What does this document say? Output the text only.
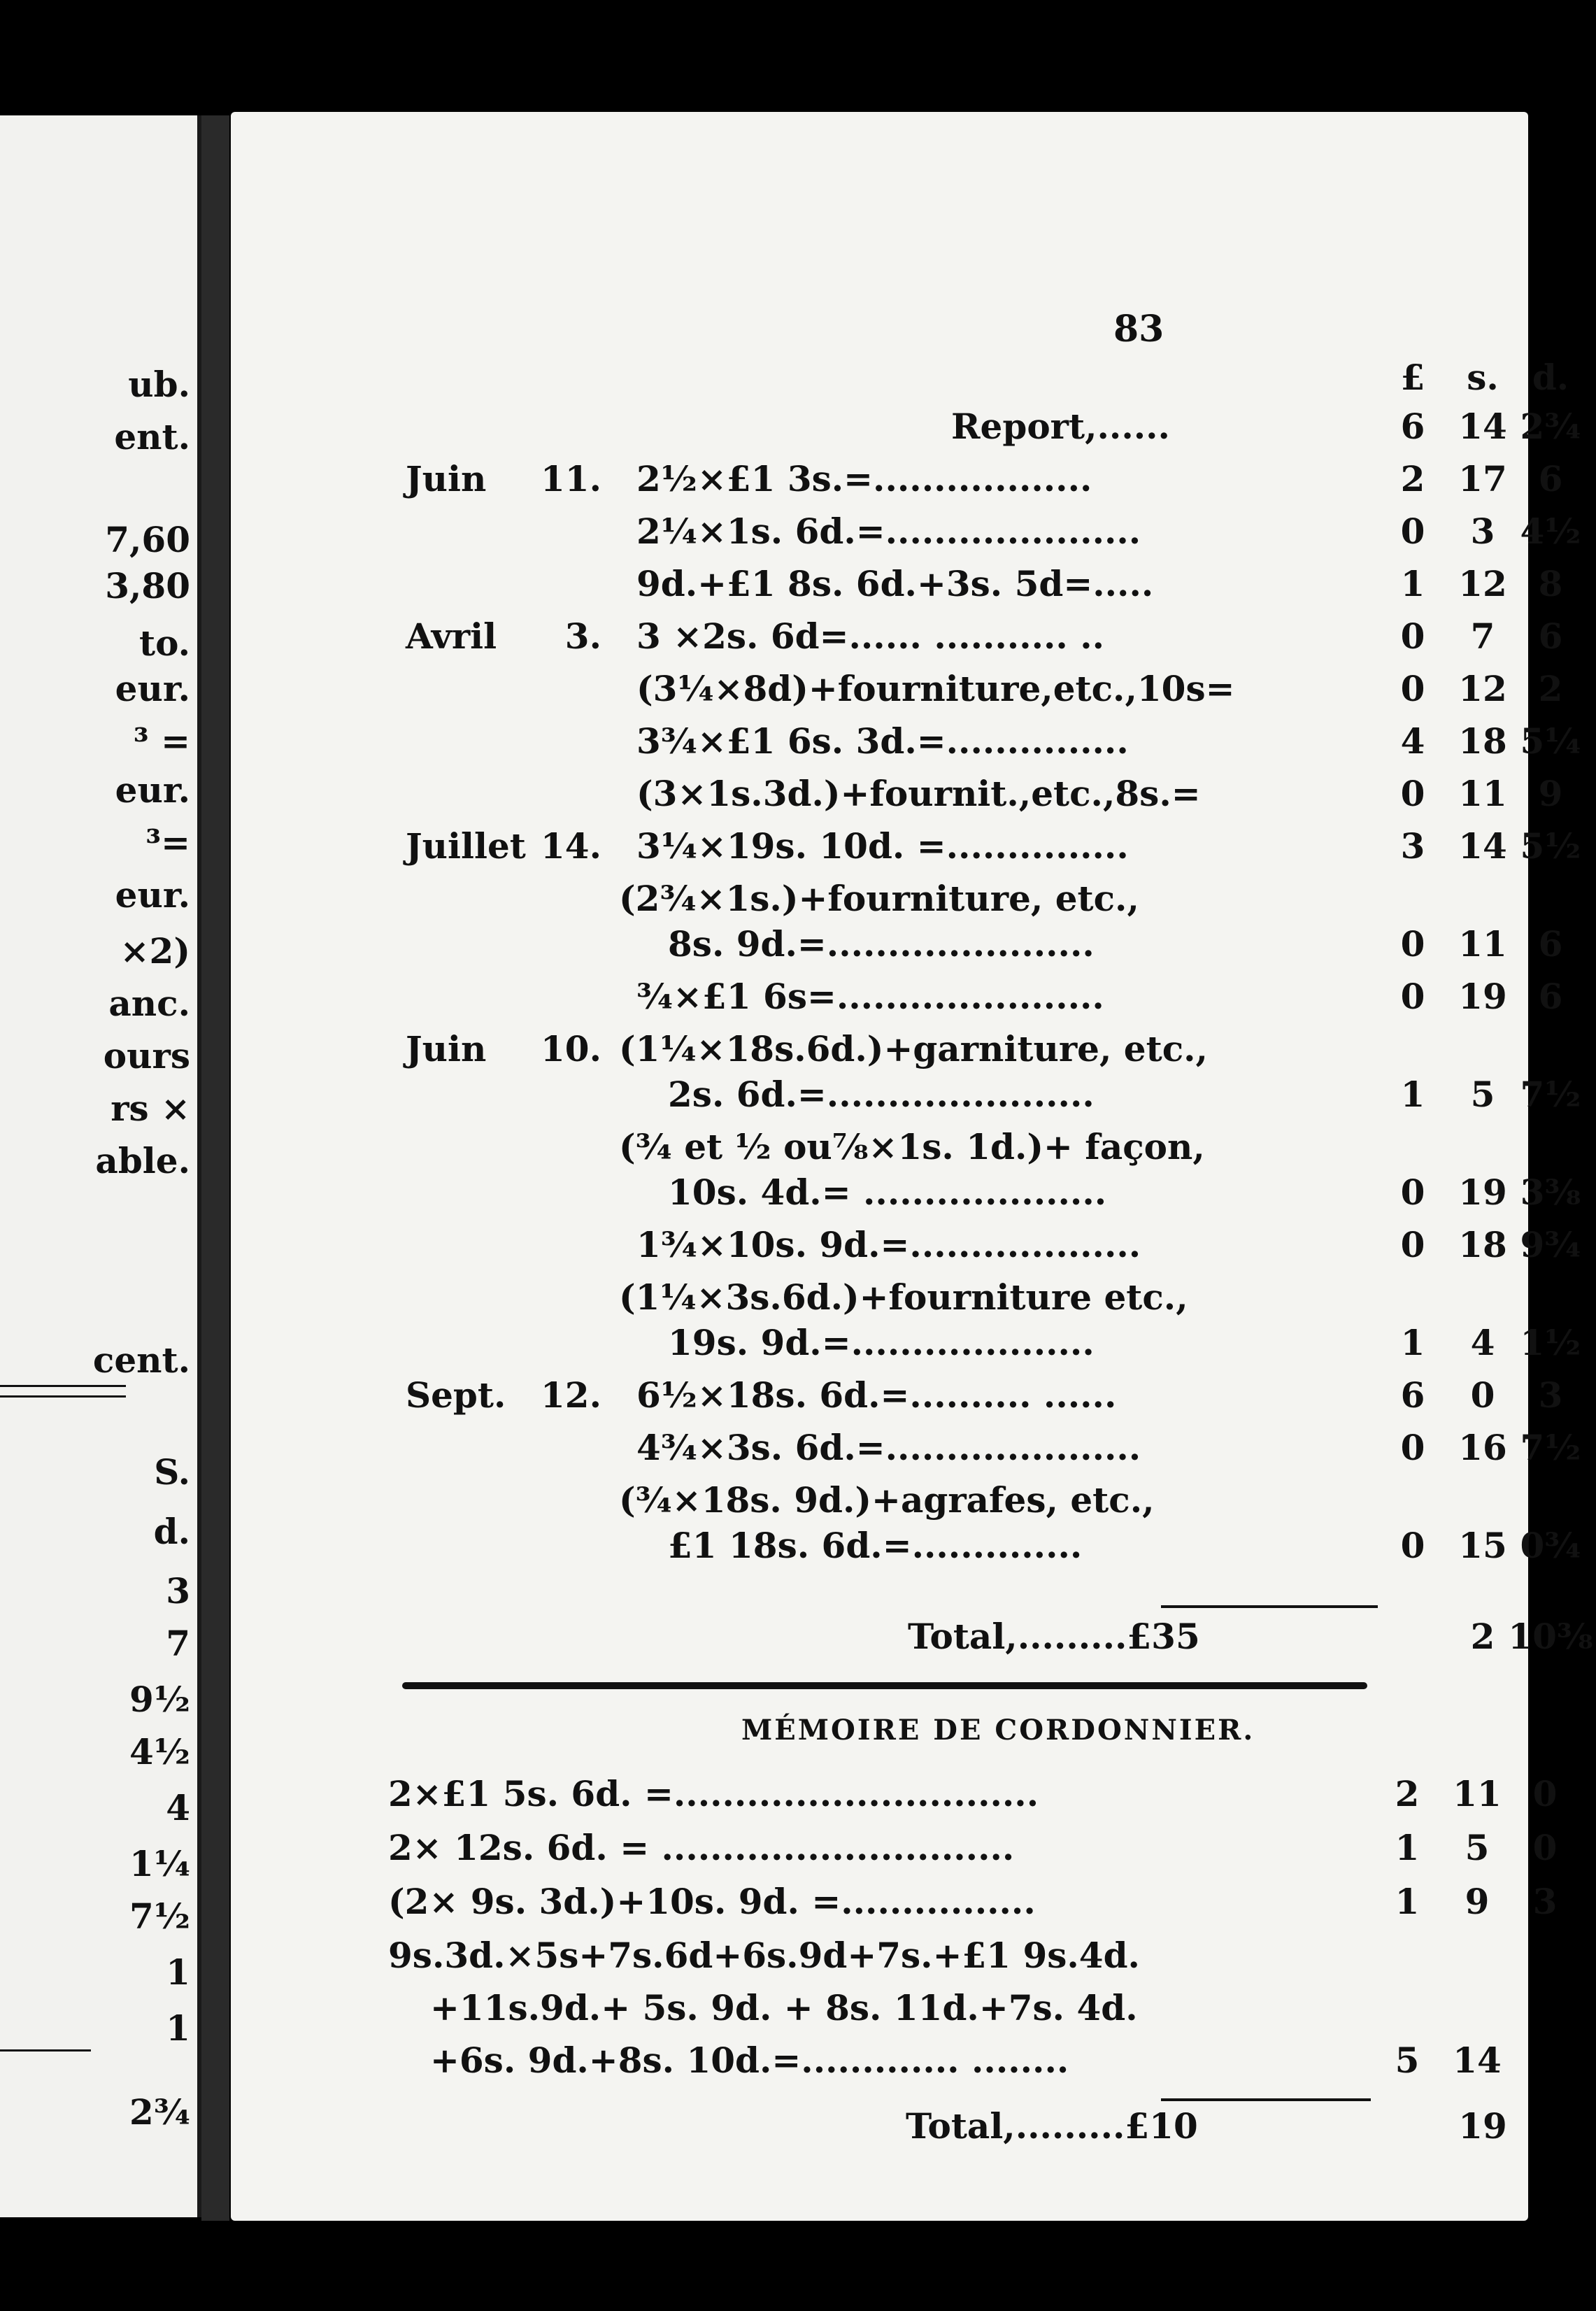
ub.
ent.
7,60
3,80
to.
eur.
³ =
eur.
³=
eur.
×2)
anc.
ours
rs ×
able.
cent.
S.
d.
3
7
9½
4½
4
1¼
7½
1
1
2¾
83
£	s. d.
Report,......	6 14 2¾
Juin	11. 2½×£1 3s.=..................	2 17 6
2¼×1s. 6d.=.....................	0	3 4½
9d.+£1 8s. 6d.+3s. 5d=.....	1 12 8
Avril	3. 3 ×2s. 6d=...... ........... ..	0	7	6
(3¼×8d)+fourniture,etc.,10s=	0 12 2
3¾×£1 6s. 3d.=...............	4 18 5¼
(3×1s.3d.)+fournit.,etc.,8s.=	0 11 9
Juillet 14. 3¼×19s. 10d. =...............	3 14 5½
(2¾×1s.)+fourniture, etc.,
8s. 9d.=......................	0 11 6
¾×£1 6s=......................	0 19 6
Juin	10. (1¼×18s.6d.)+garniture, etc.,
2s. 6d.=......................	1	5 7½
(¾ et ½ ou⅞×1s. 1d.)+ façon,
10s. 4d.= ....................	0 19 3⅜
1¾×10s. 9d.=...................	0 18 9¾
(1¼×3s.6d.)+fourniture etc.,
19s. 9d.=....................	1	4 1½
Sept. 12. 6½×18s. 6d.=.......... ......	6	0	3
4¾×3s. 6d.=.....................	0 16 7½
(¾×18s. 9d.)+agrafes, etc.,
£1 18s. 6d.=..............	0 15 0¾
Total,.........£35	2 10⅜
MÉMOIRE DE CORDONNIER.
2×£1 5s. 6d. =..............................	2 11 0
2× 12s. 6d. = .............................	1	5	0
(2× 9s. 3d.)+10s. 9d. =................	1	9	3
9s.3d.×5s+7s.6d+6s.9d+7s.+£1 9s.4d.
+11s.9d.+ 5s. 9d. + 8s. 11d.+7s. 4d.
+6s. 9d.+8s. 10d.=............. ........	5 14
Total,.........£10	19
